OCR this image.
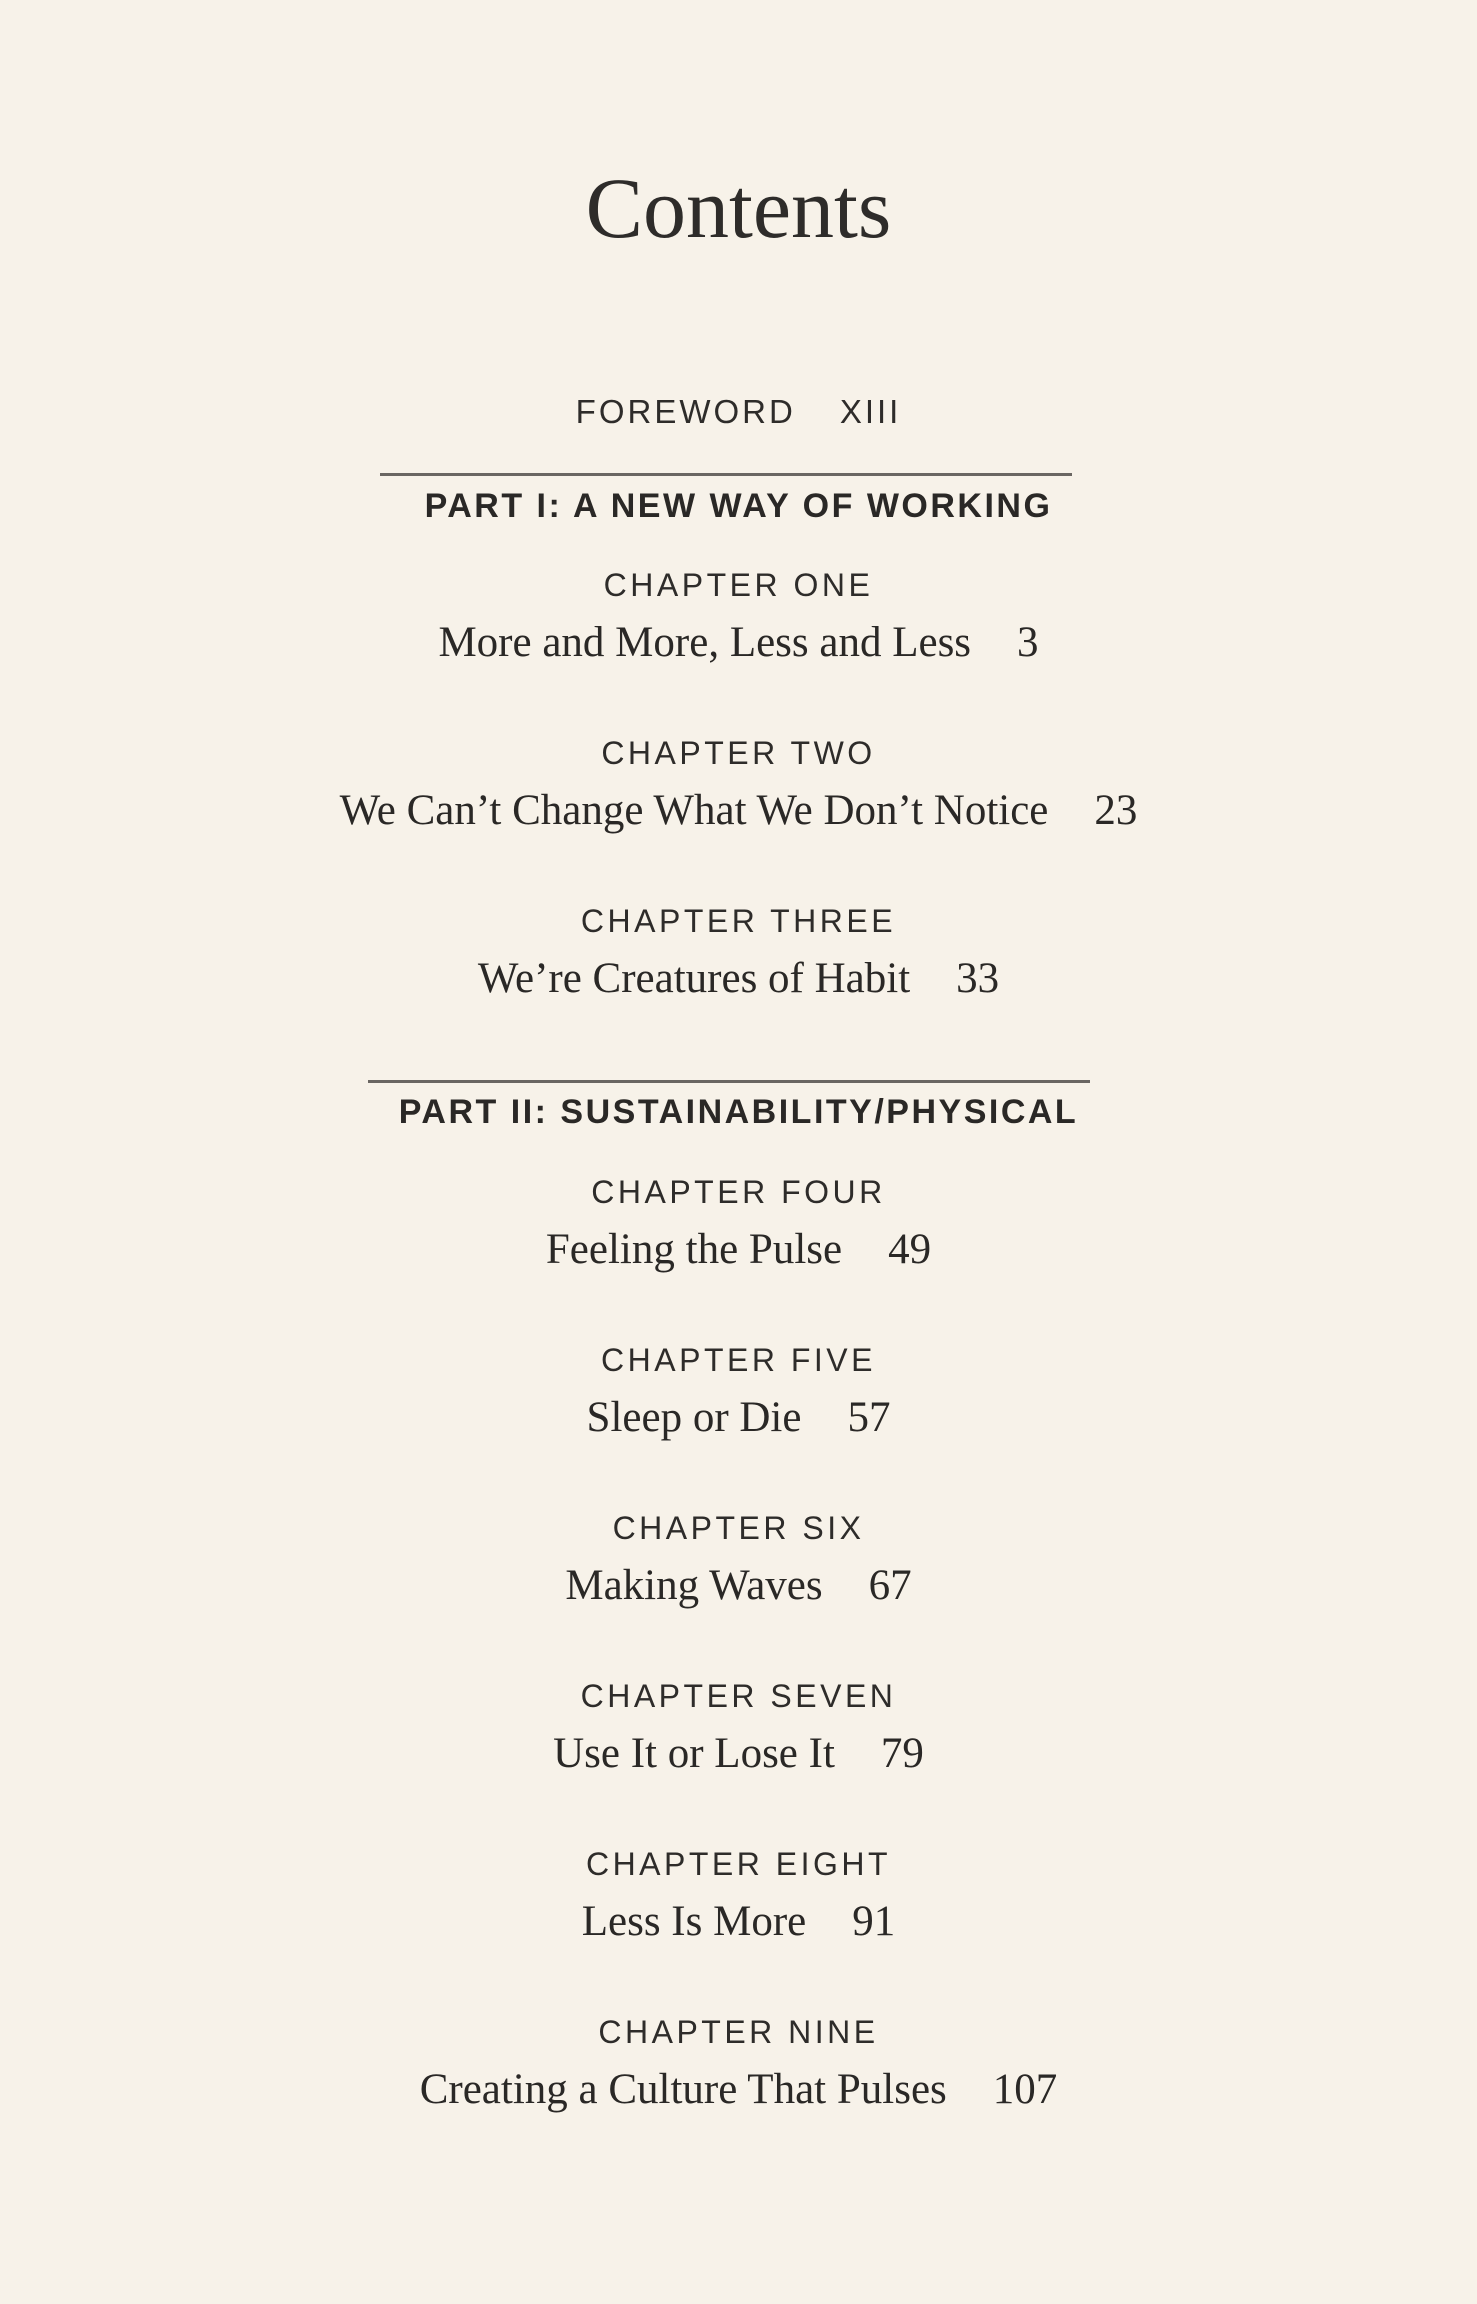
Contents
FOREWORD XIII
PART I: A NEW WAY OF WORKING
CHAPTER ONE
More and More, Less and Less 3
CHAPTER TWO
We Can’t Change What We Don’t Notice 23
CHAPTER THREE
We’re Creatures of Habit 33
PART II: SUSTAINABILITY/PHYSICAL
CHAPTER FOUR
Feeling the Pulse 49
CHAPTER FIVE
Sleep or Die 57
CHAPTER SIX
Making Waves 67
CHAPTER SEVEN
Use It or Lose It 79
CHAPTER EIGHT
Less Is More 91
CHAPTER NINE
Creating a Culture That Pulses 107
